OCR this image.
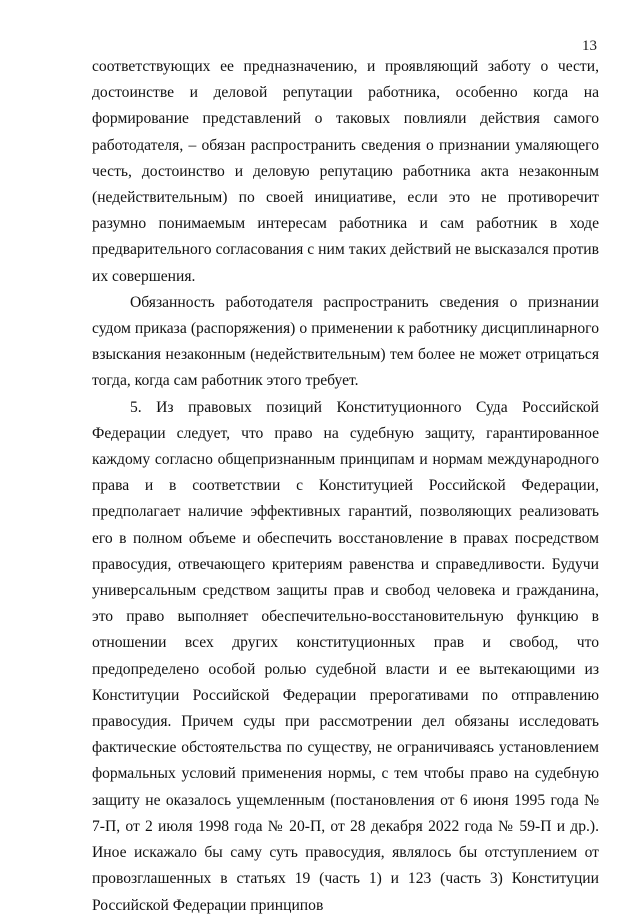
13

соответствующих ее предназначению, и проявляющий заботу о чести, достоинстве и деловой репутации работника, особенно когда на формирование представлений о таковых повлияли действия самого работодателя, – обязан распространить сведения о признании умаляющего честь, достоинство и деловую репутацию работника акта незаконным (недействительным) по своей инициативе, если это не противоречит разумно понимаемым интересам работника и сам работник в ходе предварительного согласования с ним таких действий не высказался против их совершения.

Обязанность работодателя распространить сведения о признании судом приказа (распоряжения) о применении к работнику дисциплинарного взыскания незаконным (недействительным) тем более не может отрицаться тогда, когда сам работник этого требует.

5. Из правовых позиций Конституционного Суда Российской Федерации следует, что право на судебную защиту, гарантированное каждому согласно общепризнанным принципам и нормам международного права и в соответствии с Конституцией Российской Федерации, предполагает наличие эффективных гарантий, позволяющих реализовать его в полном объеме и обеспечить восстановление в правах посредством правосудия, отвечающего критериям равенства и справедливости. Будучи универсальным средством защиты прав и свобод человека и гражданина, это право выполняет обеспечительно-восстановительную функцию в отношении всех других конституционных прав и свобод, что предопределено особой ролью судебной власти и ее вытекающими из Конституции Российской Федерации прерогативами по отправлению правосудия. Причем суды при рассмотрении дел обязаны исследовать фактические обстоятельства по существу, не ограничиваясь установлением формальных условий применения нормы, с тем чтобы право на судебную защиту не оказалось ущемленным (постановления от 6 июня 1995 года № 7-П, от 2 июля 1998 года № 20-П, от 28 декабря 2022 года № 59-П и др.). Иное искажало бы саму суть правосудия, являлось бы отступлением от провозглашенных в статьях 19 (часть 1) и 123 (часть 3) Конституции Российской Федерации принципов
